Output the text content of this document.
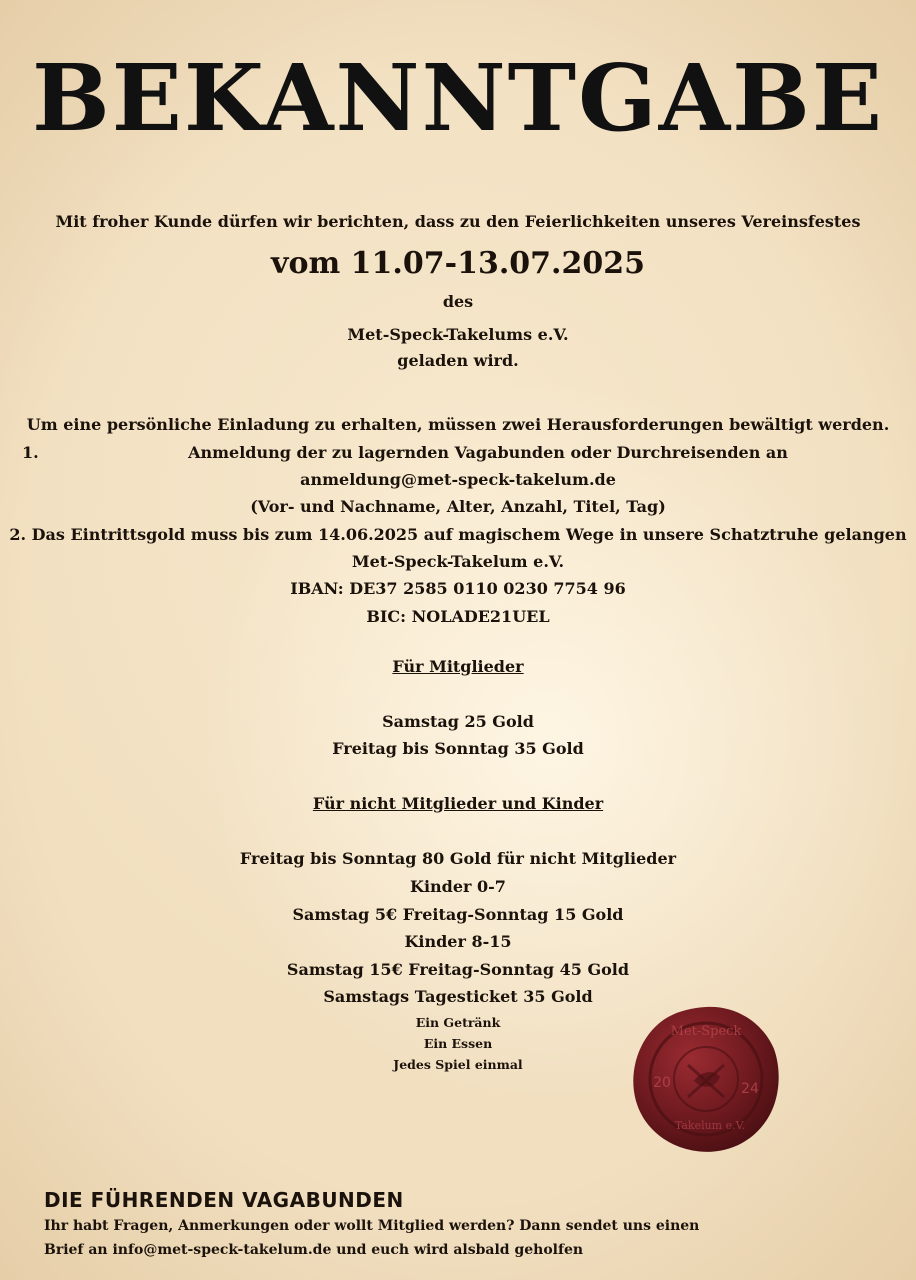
BEKANNTGABE
Mit froher Kunde dürfen wir berichten, dass zu den Feierlichkeiten unseres Vereinsfestes
vom 11.07-13.07.2025
des
Met-Speck-Takelums e.V.
geladen wird.
Um eine persönliche Einladung zu erhalten, müssen zwei Herausforderungen bewältigt werden.
1.	Anmeldung der zu lagernden Vagabunden oder Durchreisenden an
anmeldung@met-speck-takelum.de
(Vor- und Nachname, Alter, Anzahl, Titel, Tag)
2. Das Eintrittsgold muss bis zum 14.06.2025 auf magischem Wege in unsere Schatztruhe gelangen
Met-Speck-Takelum e.V.
IBAN: DE37 2585 0110 0230 7754 96
BIC: NOLADE21UEL
Für Mitglieder
Samstag 25 Gold
Freitag bis Sonntag 35 Gold
Für nicht Mitglieder und Kinder
Freitag bis Sonntag 80 Gold für nicht Mitglieder
Kinder 0-7
Samstag 5€ Freitag-Sonntag 15 Gold
Kinder 8-15
Samstag 15€ Freitag-Sonntag 45 Gold
Samstags Tagesticket 35 Gold
Ein Getränk
Ein Essen
Jedes Spiel einmal
Met-Speck
20	24
Takelum e.V.
DIE FÜHRENDEN VAGABUNDEN
Ihr habt Fragen, Anmerkungen oder wollt Mitglied werden? Dann sendet uns einen
Brief an info@met-speck-takelum.de und euch wird alsbald geholfen
